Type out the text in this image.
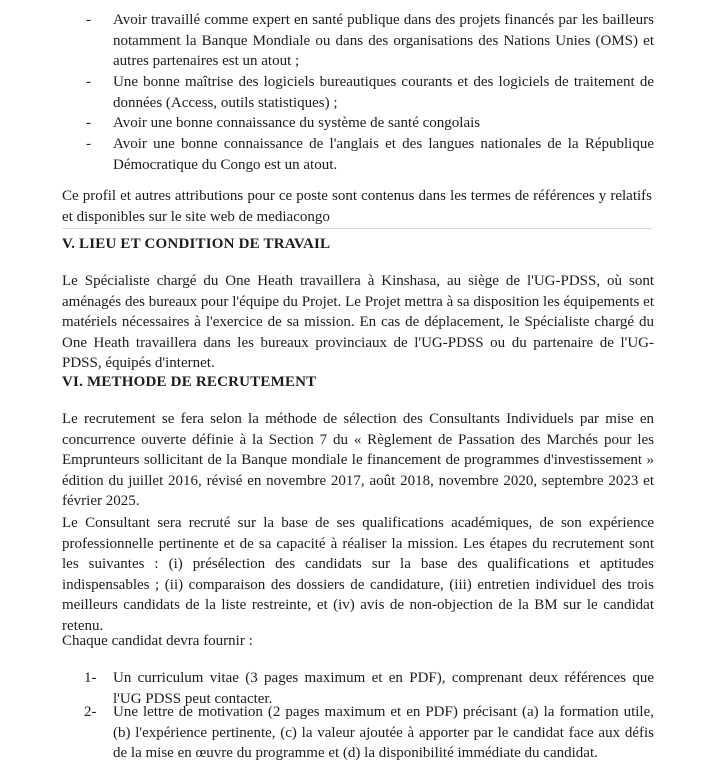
- Avoir travaillé comme expert en santé publique dans des projets financés par les bailleurs notamment la Banque Mondiale ou dans des organisations des Nations Unies (OMS) et autres partenaires est un atout ;
- Une bonne maîtrise des logiciels bureautiques courants et des logiciels de traitement de données (Access, outils statistiques) ;
- Avoir une bonne connaissance du système de santé congolais
- Avoir une bonne connaissance de l'anglais et des langues nationales de la République Démocratique du Congo est un atout.

Ce profil et autres attributions pour ce poste sont contenus dans les termes de références y relatifs et disponibles sur le site web de mediacongo

V. LIEU ET CONDITION DE TRAVAIL

Le Spécialiste chargé du One Heath travaillera à Kinshasa, au siège de l'UG-PDSS, où sont aménagés des bureaux pour l'équipe du Projet. Le Projet mettra à sa disposition les équipements et matériels nécessaires à l'exercice de sa mission. En cas de déplacement, le Spécialiste chargé du One Heath travaillera dans les bureaux provinciaux de l'UG-PDSS ou du partenaire de l'UG-PDSS, équipés d'internet.

VI. METHODE DE RECRUTEMENT

Le recrutement se fera selon la méthode de sélection des Consultants Individuels par mise en concurrence ouverte définie à la Section 7 du « Règlement de Passation des Marchés pour les Emprunteurs sollicitant de la Banque mondiale le financement de programmes d'investissement » édition du juillet 2016, révisé en novembre 2017, août 2018, novembre 2020, septembre 2023 et février 2025.

Le Consultant sera recruté sur la base de ses qualifications académiques, de son expérience professionnelle pertinente et de sa capacité à réaliser la mission. Les étapes du recrutement sont les suivantes : (i) présélection des candidats sur la base des qualifications et aptitudes indispensables ; (ii) comparaison des dossiers de candidature, (iii) entretien individuel des trois meilleurs candidats de la liste restreinte, et (iv) avis de non-objection de la BM sur le candidat retenu.

Chaque candidat devra fournir :

1- Un curriculum vitae (3 pages maximum et en PDF), comprenant deux références que l'UG PDSS peut contacter.
2- Une lettre de motivation (2 pages maximum et en PDF) précisant (a) la formation utile, (b) l'expérience pertinente, (c) la valeur ajoutée à apporter par le candidat face aux défis de la mise en œuvre du programme et (d) la disponibilité immédiate du candidat.
